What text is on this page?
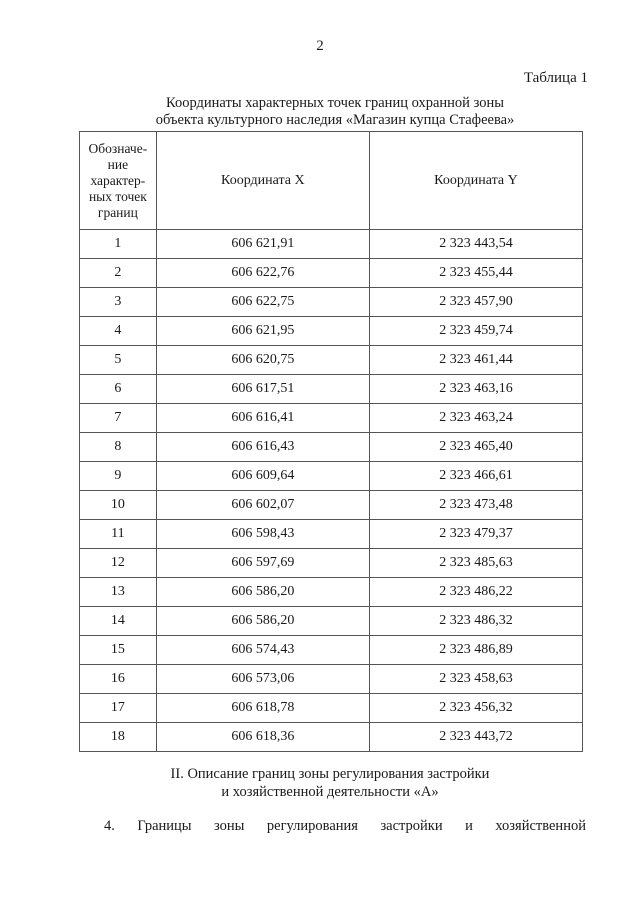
2
Таблица 1
Координаты характерных точек границ охранной зоны
объекта культурного наследия «Магазин купца Стафеева»
Обозначе-
ние
характер-
ных точек
границ	Координата X	Координата Y
1	606 621,91	2 323 443,54
2	606 622,76	2 323 455,44
3	606 622,75	2 323 457,90
4	606 621,95	2 323 459,74
5	606 620,75	2 323 461,44
6	606 617,51	2 323 463,16
7	606 616,41	2 323 463,24
8	606 616,43	2 323 465,40
9	606 609,64	2 323 466,61
10	606 602,07	2 323 473,48
11	606 598,43	2 323 479,37
12	606 597,69	2 323 485,63
13	606 586,20	2 323 486,22
14	606 586,20	2 323 486,32
15	606 574,43	2 323 486,89
16	606 573,06	2 323 458,63
17	606 618,78	2 323 456,32
18	606 618,36	2 323 443,72
II. Описание границ зоны регулирования застройки
и хозяйственной деятельности «А»
4. Границы зоны регулирования застройки и хозяйственной
